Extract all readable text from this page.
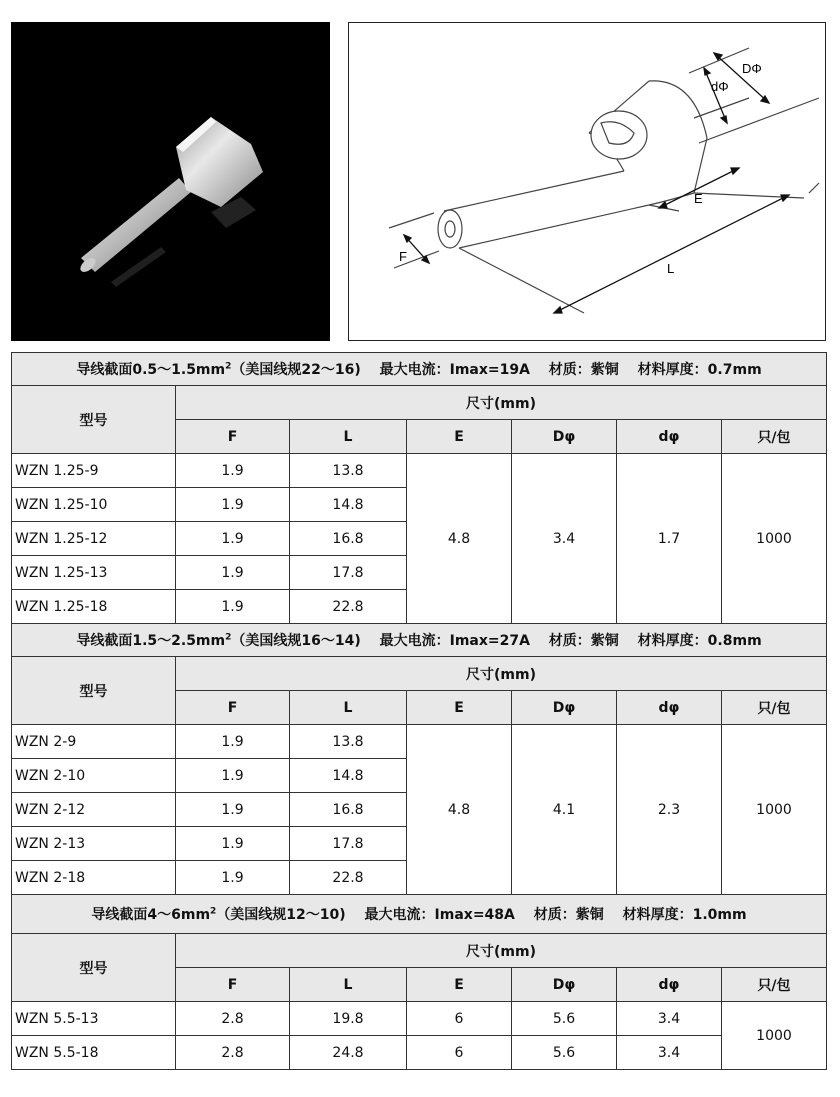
DΦ
dΦ
E
F
L
导线截面$0.5\sim 1.5mm^2$（美国线规22～16)　 最大电流：Imax=19A　 材质：紫铜　 材料厚度：0.7mm						
型号	尺寸(mm)					
	F	L	E	Dφ	dφ	只/包
WZN 1.25-9	1.9	13.8	4.8	3.4	1.7	1000
WZN 1.25-10	1.9	14.8				
WZN 1.25-12	1.9	16.8				
WZN 1.25-13	1.9	17.8				
WZN 1.25-18	1.9	22.8				
导线截面$1.5\sim 2.5mm^2$（美国线规16～14)　 最大电流：Imax=27A　 材质：紫铜　 材料厚度：0.8mm						
型号	尺寸(mm)					
	F	L	E	Dφ	dφ	只/包
WZN 2-9	1.9	13.8	4.8	4.1	2.3	1000
WZN 2-10	1.9	14.8				
WZN 2-12	1.9	16.8				
WZN 2-13	1.9	17.8				
WZN 2-18	1.9	22.8				
导线截面$4\sim 6mm^2$（美国线规12～10)　 最大电流：Imax=48A　 材质：紫铜　 材料厚度：1.0mm						
型号	尺寸(mm)					
	F	L	E	Dφ	dφ	只/包
WZN 5.5-13	2.8	19.8	6	5.6	3.4	1000
WZN 5.5-18	2.8	24.8	6	5.6	3.4	
